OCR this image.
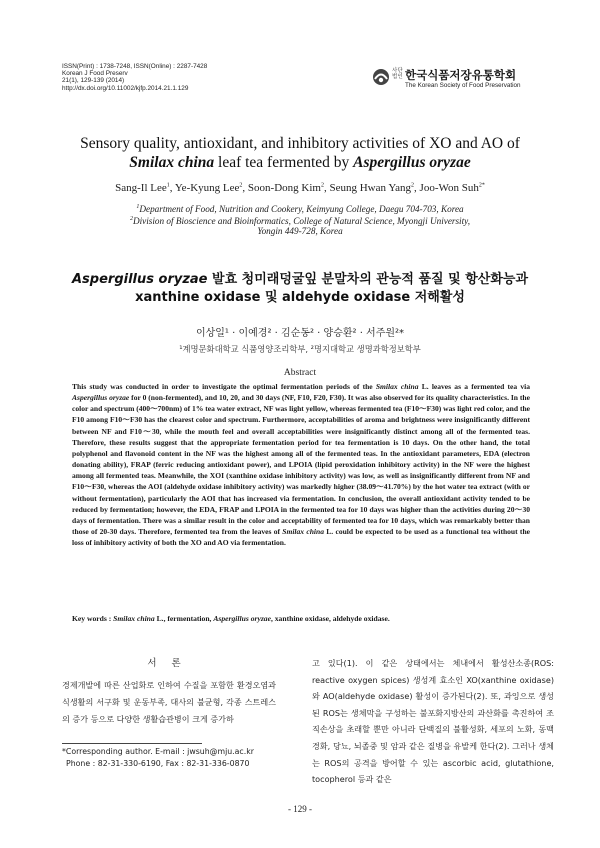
ISSN(Print) : 1738-7248, ISSN(Online) : 2287-7428
Korean J Food Preserv
21(1), 129-139 (2014)
http://dx.doi.org/10.11002/kjfp.2014.21.1.129
사단
법인 한국식품저장유통학회
The Korean Society of Food Preservation
Sensory quality, antioxidant, and inhibitory activities of XO and AO of
Smilax china leaf tea fermented by Aspergillus oryzae
Sang-Il Lee$^1$, Ye-Kyung Lee$^2$, Soon-Dong Kim$^2$, Seung Hwan Yang$^2$, Joo-Won Suh$^{2*}$
$^1$Department of Food, Nutrition and Cookery, Keimyung College, Daegu 704-703, Korea
$^2$Division of Bioscience and Bioinformatics, College of Natural Science, Myongji University,
Yongin 449-728, Korea
Aspergillus oryzae 발효 청미래덩굴잎 분말차의 관능적 품질 및 항산화능과
xanthine oxidase 및 aldehyde oxidase 저해활성
이상일¹ · 이예경² · 김순동² · 양승환² · 서주원²*
¹계명문화대학교 식품영양조리학부, ²명지대학교 생명과학정보학부
Abstract
This study was conducted in order to investigate the optimal fermentation periods of the Smilax china L. leaves as a fermented tea via Aspergillus oryzae for 0 (non-fermented), and 10, 20, and 30 days (NF, F10, F20, F30). It was also observed for its quality characteristics. In the color and spectrum (400～700nm) of 1% tea water extract, NF was light yellow, whereas fermented tea (F10～F30) was light red color, and the F10 among F10～F30 has the clearest color and spectrum. Furthermore, acceptabilities of aroma and brightness were insignificantly different between NF and F10～30, while the mouth feel and overall acceptabilities were insignificantly distinct among all of the fermented teas. Therefore, these results suggest that the appropriate fermentation period for tea fermentation is 10 days. On the other hand, the total polyphenol and flavonoid content in the NF was the highest among all of the fermented teas. In the antioxidant parameters, EDA (electron donating ability), FRAP (ferric reducing antioxidant power), and LPOIA (lipid peroxidation inhibitory activity) in the NF were the highest among all fermented teas. Meanwhile, the XOI (xanthine oxidase inhibitory activity) was low, as well as insignificantly different from NF and F10～F30, whereas the AOI (aldehyde oxidase inhibitory activity) was markedly higher (38.09～41.70%) by the hot water tea extract (with or without fermentation), particularly the AOI that has increased via fermentation. In conclusion, the overall antioxidant activity tended to be reduced by fermentation; however, the EDA, FRAP and LPOIA in the fermented tea for 10 days was higher than the activities during 20～30 days of fermentation. There was a similar result in the color and acceptability of fermented tea for 10 days, which was remarkably better than those of 20-30 days. Therefore, fermented tea from the leaves of Smilax china L. could be expected to be used as a functional tea without the loss of inhibitory activity of both the XO and AO via fermentation.
Key words : Smilax china L., fermentation, Aspergillus oryzae, xanthine oxidase, aldehyde oxidase.
서 론
경제개발에 따른 산업화로 인하여 수질을 포함한 환경오염과 식생활의 서구화 및 운동부족, 대사의 불균형, 각종 스트레스의 증가 등으로 다양한 생활습관병이 크게 증가하
고 있다(1). 이 같은 상태에서는 체내에서 활성산소종(ROS: reactive oxygen spices) 생성계 효소인 XO(xanthine oxidase)와 AO(aldehyde oxidase) 활성이 증가된다(2). 또, 과잉으로 생성된 ROS는 생체막을 구성하는 불포화지방산의 과산화를 촉진하여 조직손상을 초래할 뿐만 아니라 단백질의 불활성화, 세포의 노화, 동맥경화, 당뇨, 뇌졸중 및 암과 같은 질병을 유발케 한다(2). 그러나 생체는 ROS의 공격을 방어할 수 있는 ascorbic acid, glutathione, tocopherol 등과 같은
*Corresponding author. E-mail : jwsuh@mju.ac.kr
Phone : 82-31-330-6190, Fax : 82-31-336-0870
- 129 -
